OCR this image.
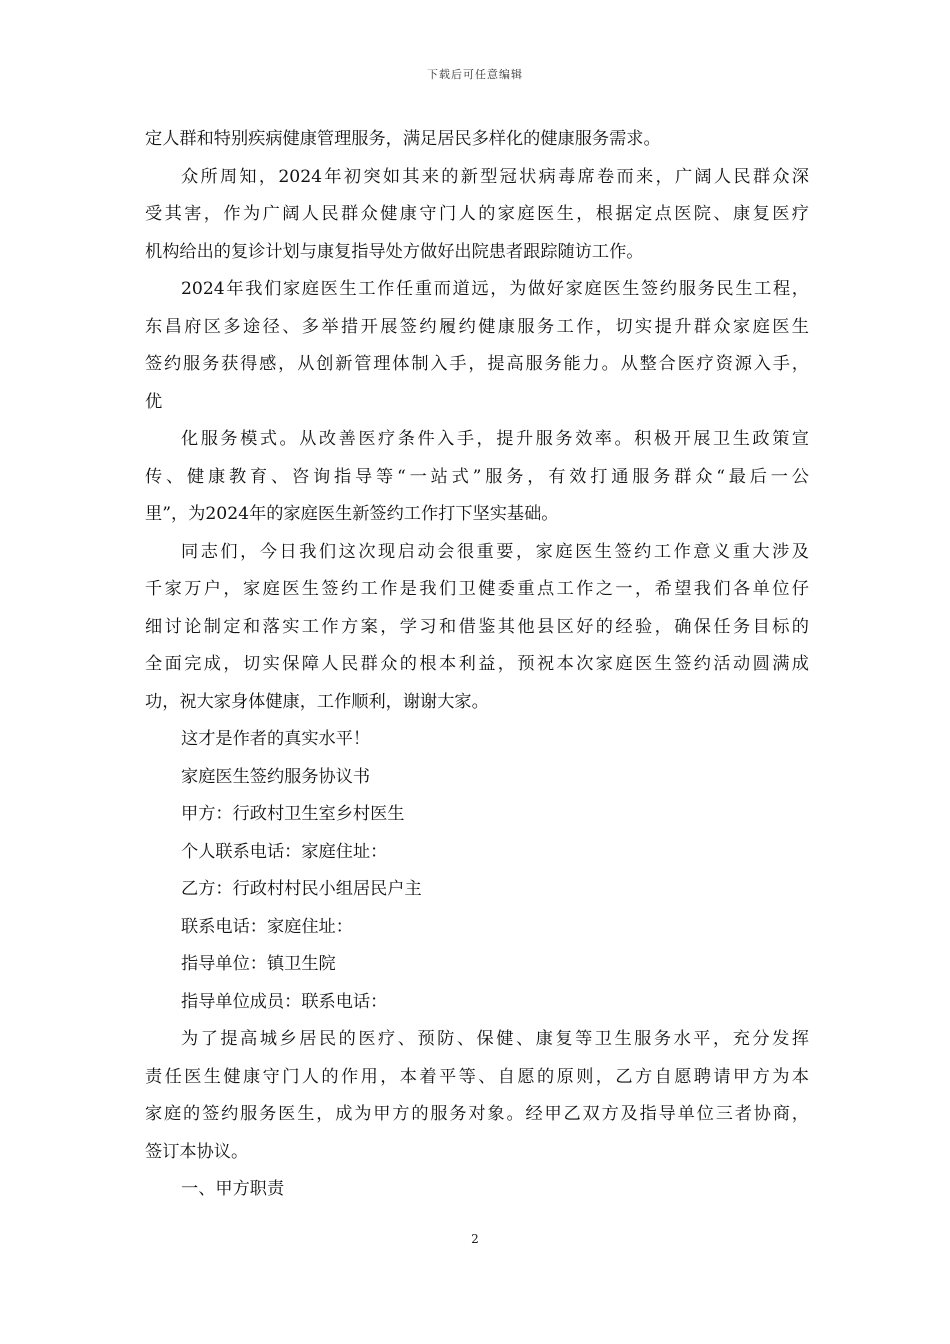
下载后可任意编辑
定人群和特别疾病健康管理服务，满足居民多样化的健康服务需求。
众所周知，2024年初突如其来的新型冠状病毒席卷而来，广阔人民群众深
受其害，作为广阔人民群众健康守门人的家庭医生，根据定点医院、康复医疗
机构给出的复诊计划与康复指导处方做好出院患者跟踪随访工作。
2024年我们家庭医生工作任重而道远，为做好家庭医生签约服务民生工程，
东昌府区多途径、多举措开展签约履约健康服务工作，切实提升群众家庭医生
签约服务获得感，从创新管理体制入手，提高服务能力。从整合医疗资源入手，
优
化服务模式。从改善医疗条件入手，提升服务效率。积极开展卫生政策宣
传、健康教育、咨询指导等“一站式”服务，有效打通服务群众“最后一公
里”，为2024年的家庭医生新签约工作打下坚实基础。
同志们，今日我们这次现启动会很重要，家庭医生签约工作意义重大涉及
千家万户，家庭医生签约工作是我们卫健委重点工作之一，希望我们各单位仔
细讨论制定和落实工作方案，学习和借鉴其他县区好的经验，确保任务目标的
全面完成，切实保障人民群众的根本利益，预祝本次家庭医生签约活动圆满成
功，祝大家身体健康，工作顺利，谢谢大家。
这才是作者的真实水平！
家庭医生签约服务协议书
甲方：行政村卫生室乡村医生
个人联系电话：家庭住址：
乙方：行政村村民小组居民户主
联系电话：家庭住址：
指导单位：镇卫生院
指导单位成员：联系电话：
为了提高城乡居民的医疗、预防、保健、康复等卫生服务水平，充分发挥
责任医生健康守门人的作用，本着平等、自愿的原则，乙方自愿聘请甲方为本
家庭的签约服务医生，成为甲方的服务对象。经甲乙双方及指导单位三者协商，
签订本协议。
一、甲方职责
2
